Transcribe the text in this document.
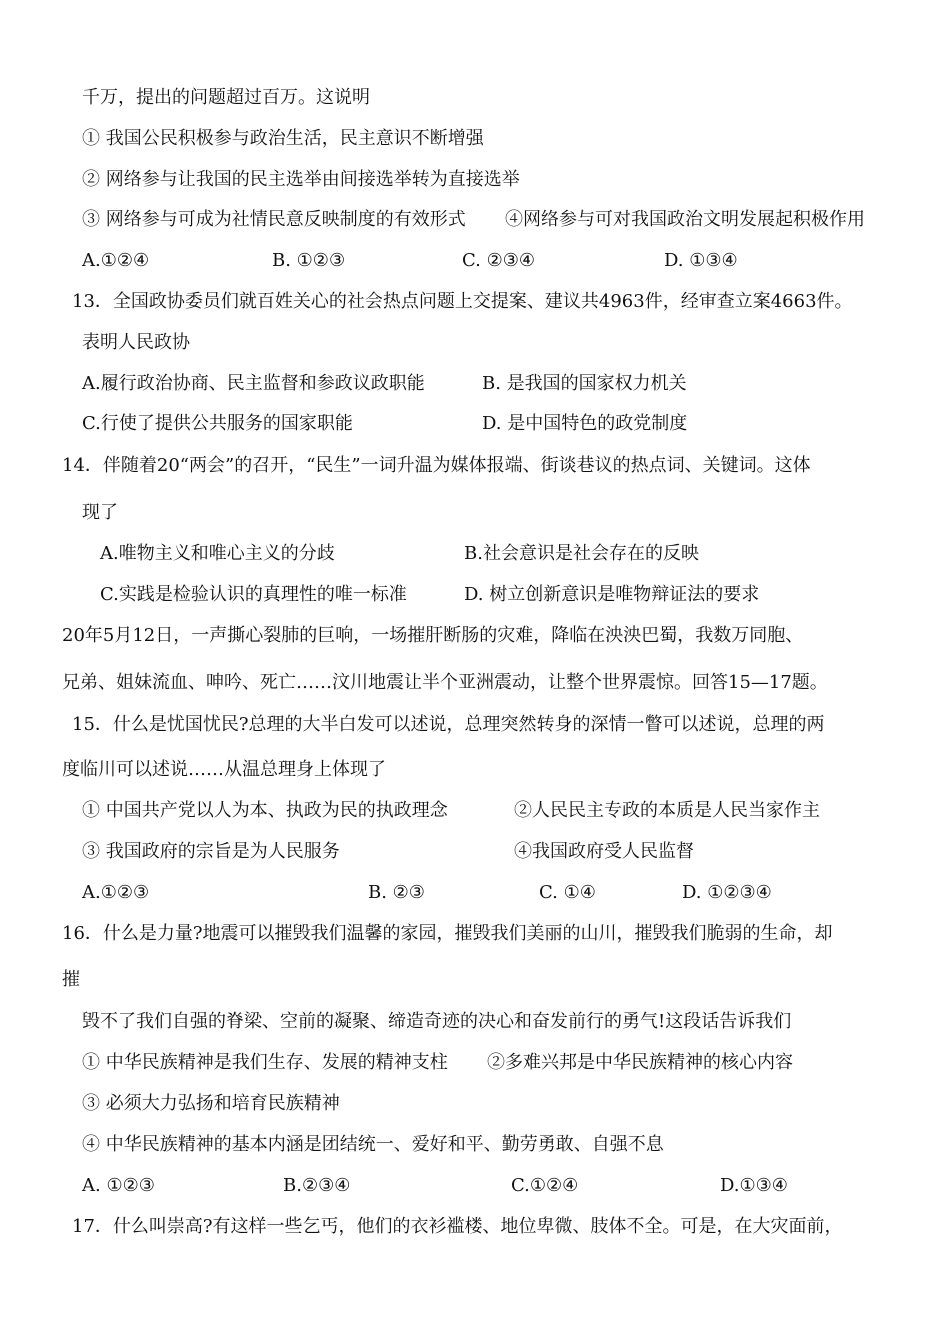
千万，提出的问题超过百万。这说明
① 我国公民积极参与政治生活，民主意识不断增强
② 网络参与让我国的民主选举由间接选举转为直接选举
③ 网络参与可成为社情民意反映制度的有效形式 ④网络参与可对我国政治文明发展起积极作用
A.①②④	B. ①②③	C. ②③④	D. ①③④
13．全国政协委员们就百姓关心的社会热点问题上交提案、建议共4963件，经审查立案4663件。
表明人民政协
A.履行政治协商、民主监督和参政议政职能	B. 是我国的国家权力机关
C.行使了提供公共服务的国家职能	D. 是中国特色的政党制度
14．伴随着20“两会”的召开，“民生”一词升温为媒体报端、街谈巷议的热点词、关键词。这体
现了
A.唯物主义和唯心主义的分歧	B.社会意识是社会存在的反映
C.实践是检验认识的真理性的唯一标准	D. 树立创新意识是唯物辩证法的要求
20年5月12日，一声撕心裂肺的巨响，一场摧肝断肠的灾难，降临在泱泱巴蜀，我数万同胞、
兄弟、姐妹流血、呻吟、死亡……汶川地震让半个亚洲震动，让整个世界震惊。回答15—17题。
15．什么是忧国忧民?总理的大半白发可以述说，总理突然转身的深情一瞥可以述说，总理的两
度临川可以述说……从温总理身上体现了
① 中国共产党以人为本、执政为民的执政理念	②人民民主专政的本质是人民当家作主
③ 我国政府的宗旨是为人民服务	④我国政府受人民监督
A.①②③	B. ②③	C. ①④	D. ①②③④
16．什么是力量?地震可以摧毁我们温馨的家园，摧毁我们美丽的山川，摧毁我们脆弱的生命，却
摧
毁不了我们自强的脊梁、空前的凝聚、缔造奇迹的决心和奋发前行的勇气!这段话告诉我们
① 中华民族精神是我们生存、发展的精神支柱 ②多难兴邦是中华民族精神的核心内容
③ 必须大力弘扬和培育民族精神
④ 中华民族精神的基本内涵是团结统一、爱好和平、勤劳勇敢、自强不息
A. ①②③	B.②③④	C.①②④	D.①③④
17．什么叫崇高?有这样一些乞丐，他们的衣衫褴楼、地位卑微、肢体不全。可是，在大灾面前，
